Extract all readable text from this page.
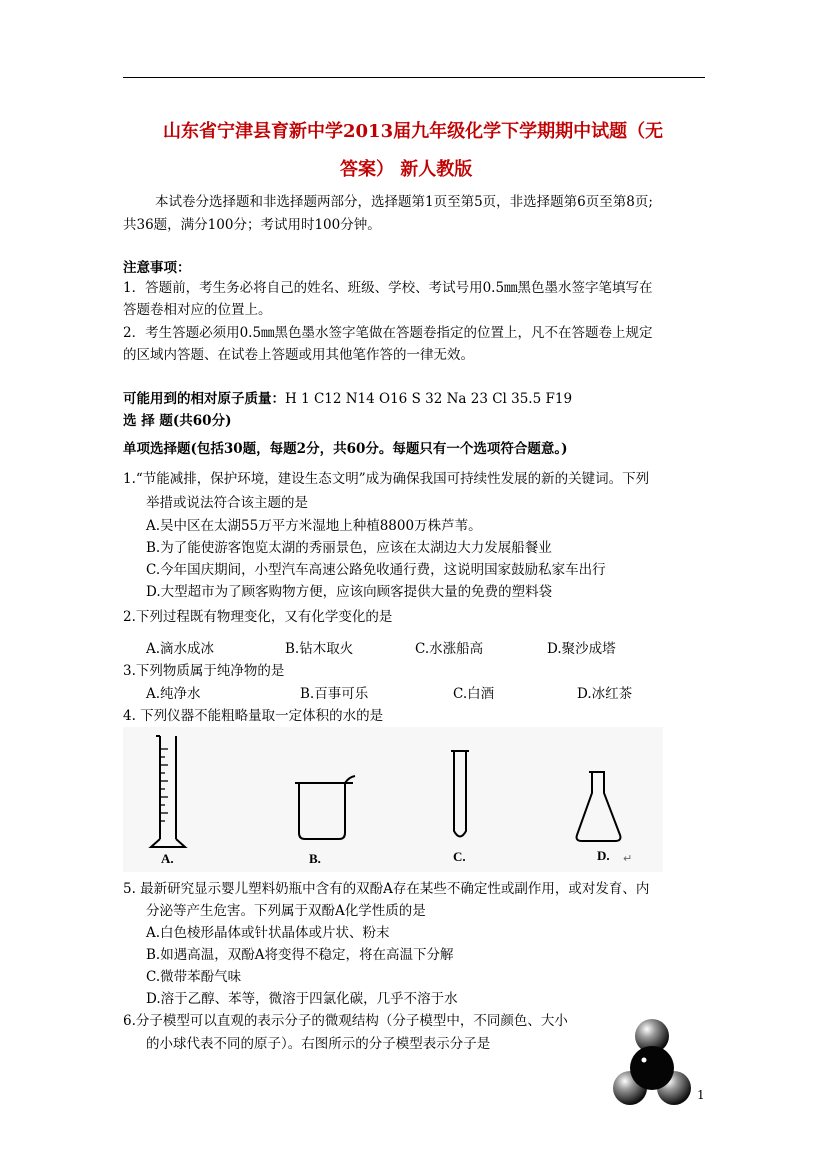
山东省宁津县育新中学2013届九年级化学下学期期中试题（无
答案） 新人教版
本试卷分选择题和非选择题两部分，选择题第1页至第5页，非选择题第6页至第8页;
共36题，满分100分；考试用时100分钟。
注意事项：
1．答题前，考生务必将自己的姓名、班级、学校、考试号用0.5㎜黑色墨水签字笔填写在
答题卷相对应的位置上。
2．考生答题必须用0.5㎜黑色墨水签字笔做在答题卷指定的位置上，凡不在答题卷上规定
的区域内答题、在试卷上答题或用其他笔作答的一律无效。
可能用到的相对原子质量：H 1 C12 N14 O16 S 32 Na 23 Cl 35.5 F19
选 择 题(共60分)
单项选择题(包括30题，每题2分，共60分。每题只有一个选项符合题意。)
1.“节能减排，保护环境，建设生态文明”成为确保我国可持续性发展的新的关键词。下列
举措或说法符合该主题的是
A.吴中区在太湖55万平方米湿地上种植8800万株芦苇。
B.为了能使游客饱览太湖的秀丽景色，应该在太湖边大力发展船餐业
C.今年国庆期间，小型汽车高速公路免收通行费，这说明国家鼓励私家车出行
D.大型超市为了顾客购物方便，应该向顾客提供大量的免费的塑料袋
2.下列过程既有物理变化，又有化学变化的是
A.滴水成冰	B.钻木取火	C.水涨船高	D.聚沙成塔
3.下列物质属于纯净物的是
A.纯净水	B.百事可乐	C.白酒	D.冰红茶
4. 下列仪器不能粗略量取一定体积的水的是
A.	B.	C.	D. ↵
5. 最新研究显示婴儿塑料奶瓶中含有的双酚A存在某些不确定性或副作用，或对发育、内
分泌等产生危害。下列属于双酚A化学性质的是
A.白色棱形晶体或针状晶体或片状、粉末
B.如遇高温，双酚A将变得不稳定，将在高温下分解
C.微带苯酚气味
D.溶于乙醇、苯等，微溶于四氯化碳，几乎不溶于水
6.分子模型可以直观的表示分子的微观结构（分子模型中，不同颜色、大小
的小球代表不同的原子）。右图所示的分子模型表示分子是
1
